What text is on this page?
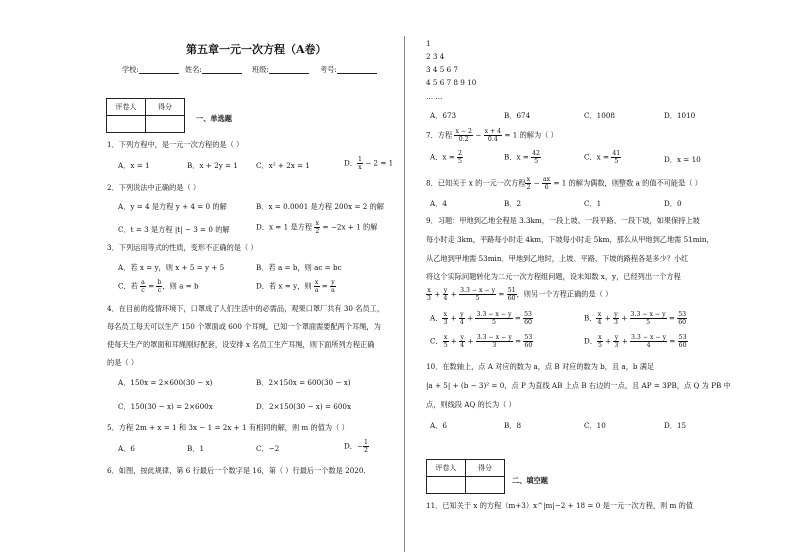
第五章一元一次方程（A卷）
学校:	姓名:	班级:	考号:
评卷人	得分

一、单选题
1．下列方程中，是一元一次方程的是（ ）
A．x = 1	B．x + 2y = 1	C．x² + 2x = 1	D． $\frac{1}{x} - 2 = 1$
2．下列说法中正确的是（ ）
A．y = 4 是方程 y + 4 = 0 的解	B．x = 0.0001 是方程 200x = 2 的解
C．t = 3 是方程 |t| − 3 = 0 的解	D．x = 1 是方程 $\frac{x}{2} = -2x + 1$ 的解
3．下列运用等式的性质，变形不正确的是（ ）
A．若 x = y，则 x + 5 = y + 5	B．若 a = b，则 ac = bc
C．若 $\frac{a}{c} = \frac{b}{c}$ ，则 a = b	D．若 x = y，则 $\frac{x}{a} = \frac{y}{a}$
4．在目前的疫情环境下，口罩成了人们生活中的必需品，观果口罩厂共有 30 名员工，
每名员工每天可以生产 150 个罩面或 600 个耳绳，已知一个罩面需要配两个耳绳，为
使每天生产的罩面和耳绳刚好配套，设安排 x 名员工生产耳绳，则下面所列方程正确
的是（ ）
A．150x = 2×600(30 − x)	B．2×150x = 600(30 − x)
C．150(30 − x) = 2×600x	D．2×150(30 − x) = 600x
5．方程 2m + x = 1 和 3x − 1 = 2x + 1 有相同的解，则 m 的值为（ ）
A．6	B．1	C．−2	D．− $\frac{1}{2}$
6．如图，按此规律，第 6 行最后一个数字是 16，第（ ）行最后一个数是 2020.
1
2 3 4
3 4 5 6 7
4 5 6 7 8 9 10
……
A．673	B．674	C．1008	D．1010
7．方程 $\frac{x - 2}{0.2} - \frac{x + 4}{0.4} = 1$ 的解为（ ）
A．$x = \frac{2}{5}$	B．$x = \frac{42}{5}$	C．$x = \frac{41}{5}$	D．x = 10
8．已知关于 x 的一元一次方程 $\frac{x}{2} - \frac{ax}{6} = 1$ 的解为偶数，则整数 a 的值不可能是（ ）
A．4	B．2	C．1	D．0
9．习题：甲地到乙地全程是 3.3km，一段上坡、一段平路、一段下坡，如果保持上坡
每小时走 3km，平路每小时走 4km，下坡每小时走 5km，那么从甲地到乙地需 51min，
从乙地到甲地需 53min．甲地到乙地时，上坡、平路、下坡的路程各是多少？小红
将这个实际问题转化为二元一次方程组问题，设未知数 x，y，已经列出一个方程
$\frac{x}{3} + \frac{y}{4} + \frac{3.3 - x - y}{5} = \frac{51}{60}$ ，则另一个方程正确的是（ ）
A． $\frac{x}{3} + \frac{y}{4} + \frac{3.3 - x - y}{5} = \frac{53}{60}$	B． $\frac{x}{4} + \frac{y}{3} + \frac{3.3 - x - y}{5} = \frac{53}{60}$
C． $\frac{x}{5} + \frac{y}{4} + \frac{3.3 - x - y}{3} = \frac{53}{60}$	D． $\frac{x}{5} + \frac{y}{3} + \frac{3.3 - x - y}{4} = \frac{53}{60}$
10．在数轴上，点 A 对应的数为 a，点 B 对应的数为 b，且 a，b 满足
|a + 5| + (b − 3)² = 0，点 P 为直线 AB 上点 B 右边的一点，且 AP = 3PB，点 Q 为 PB 中
点，则线段 AQ 的长为（ ）
A．6	B．8	C．10	D．15
评卷人	得分

二、填空题
11．已知关于 x 的方程（m+3）x^|m|−2 + 18 = 0 是一元一次方程，则 m 的值
